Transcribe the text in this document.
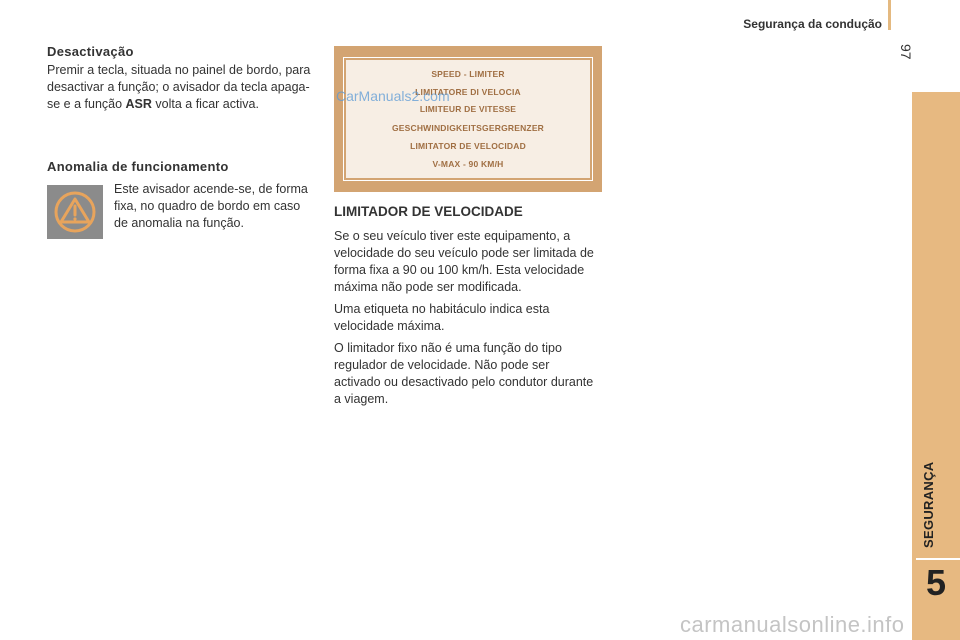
Segurança da condução
97
SEGURANÇA
5
Desactivação

Premir a tecla, situada no painel de bordo, para desactivar a função; o avisador da tecla apaga-se e a função ASR volta a ficar activa.

Anomalia de funcionamento

Este avisador acende-se, de forma fixa, no quadro de bordo em caso de anomalia na função.

SPEED - LIMITER
LIMITATORE DI VELOCIA
LIMITEUR DE VITESSE
GESCHWINDIGKEITSGERGRENZER
LIMITATOR DE VELOCIDAD
V-MAX - 90 KM/H
CarManuals2.com
LIMITADOR DE VELOCIDADE

Se o seu veículo tiver este equipamento, a velocidade do seu veículo pode ser limitada de forma fixa a 90 ou 100 km/h. Esta velocidade máxima não pode ser modificada.

Uma etiqueta no habitáculo indica esta velocidade máxima.

O limitador fixo não é uma função do tipo regulador de velocidade. Não pode ser activado ou desactivado pelo condutor durante a viagem.

carmanualsonline.info
